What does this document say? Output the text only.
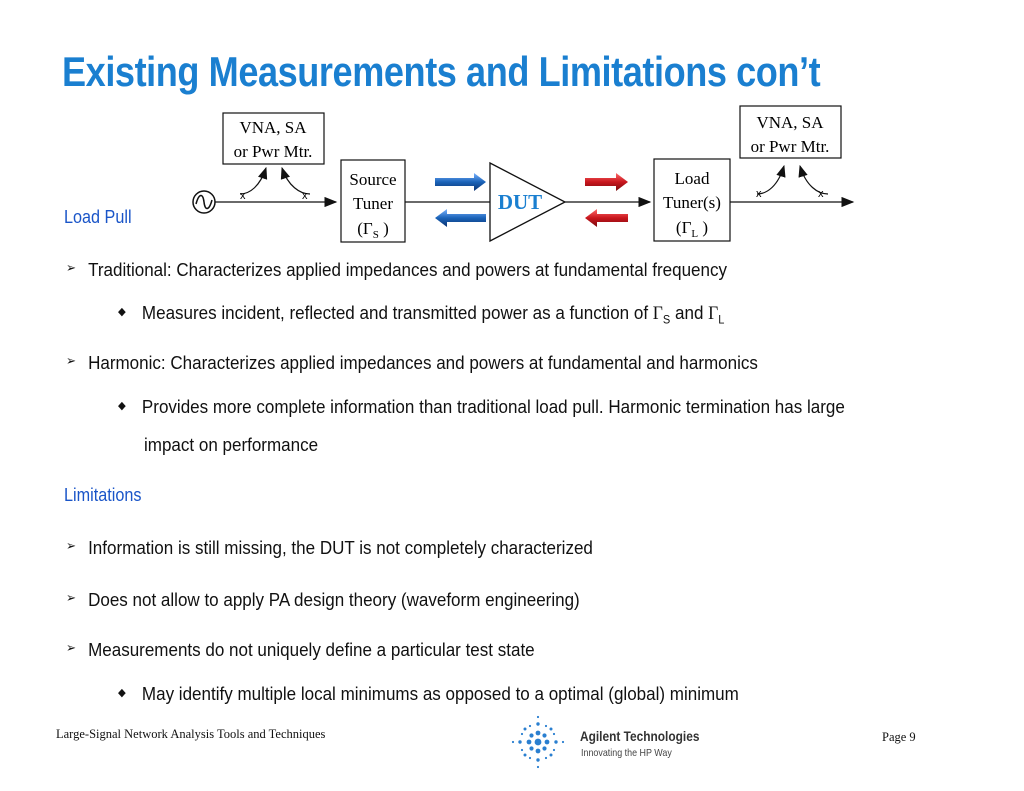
Existing Measurements and Limitations con’t
x	x
VNA, SA
or Pwr Mtr.
Source
Tuner
($\Gamma_S$ )
DUT
Load
Tuner(s)
($\Gamma_L$ )
x	x
VNA, SA
or Pwr Mtr.
Load Pull
➢ Traditional: Characterizes applied impedances and powers at fundamental frequency
◆ Measures incident, reflected and transmitted power as a function of $\Gamma_S$ and $\Gamma_L$
➢ Harmonic: Characterizes applied impedances and powers at fundamental and harmonics
◆ Provides more complete information than traditional load pull. Harmonic termination has large
impact on performance
Limitations
➢ Information is still missing, the DUT is not completely characterized
➢ Does not allow to apply PA design theory (waveform engineering)
➢ Measurements do not uniquely define a particular test state
◆ May identify multiple local minimums as opposed to a optimal (global) minimum
Large-Signal Network Analysis Tools and Techniques	Agilent Technologies
Innovating the HP Way
Page 9
